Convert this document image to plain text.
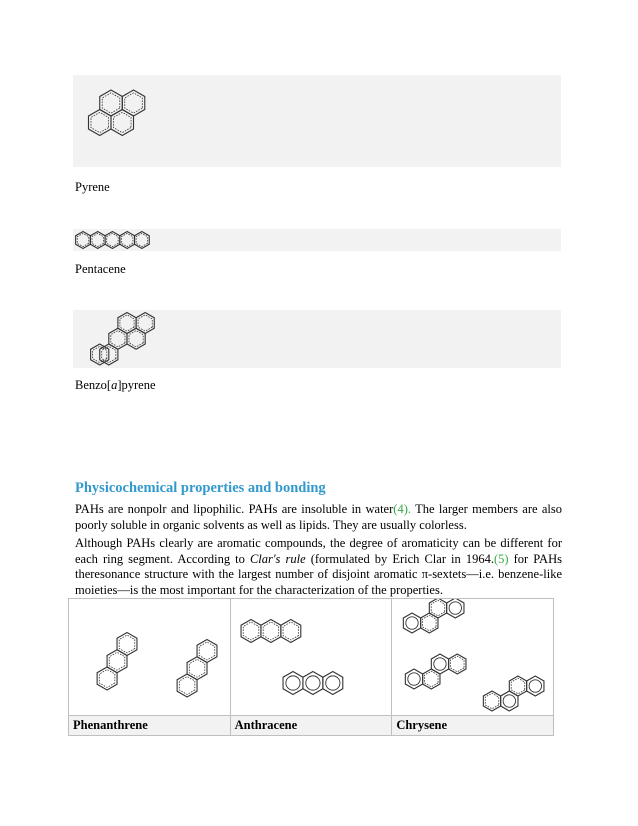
Pyrene
Pentacene
Benzo[a]pyrene
Physicochemical properties and bonding
PAHs are nonpolr and lipophilic. PAHs are insoluble in water(4). The larger members are also poorly soluble in organic solvents as well as lipids. They are usually colorless.
Although PAHs clearly are aromatic compounds, the degree of aromaticity can be different for each ring segment. According to Clar's rule (formulated by Erich Clar in 1964.(5) for PAHs theresonance structure with the largest number of disjoint aromatic π-sextets—i.e. benzene-like moieties—is the most important for the characterization of the properties.

Phenanthrene	Anthracene	Chrysene
